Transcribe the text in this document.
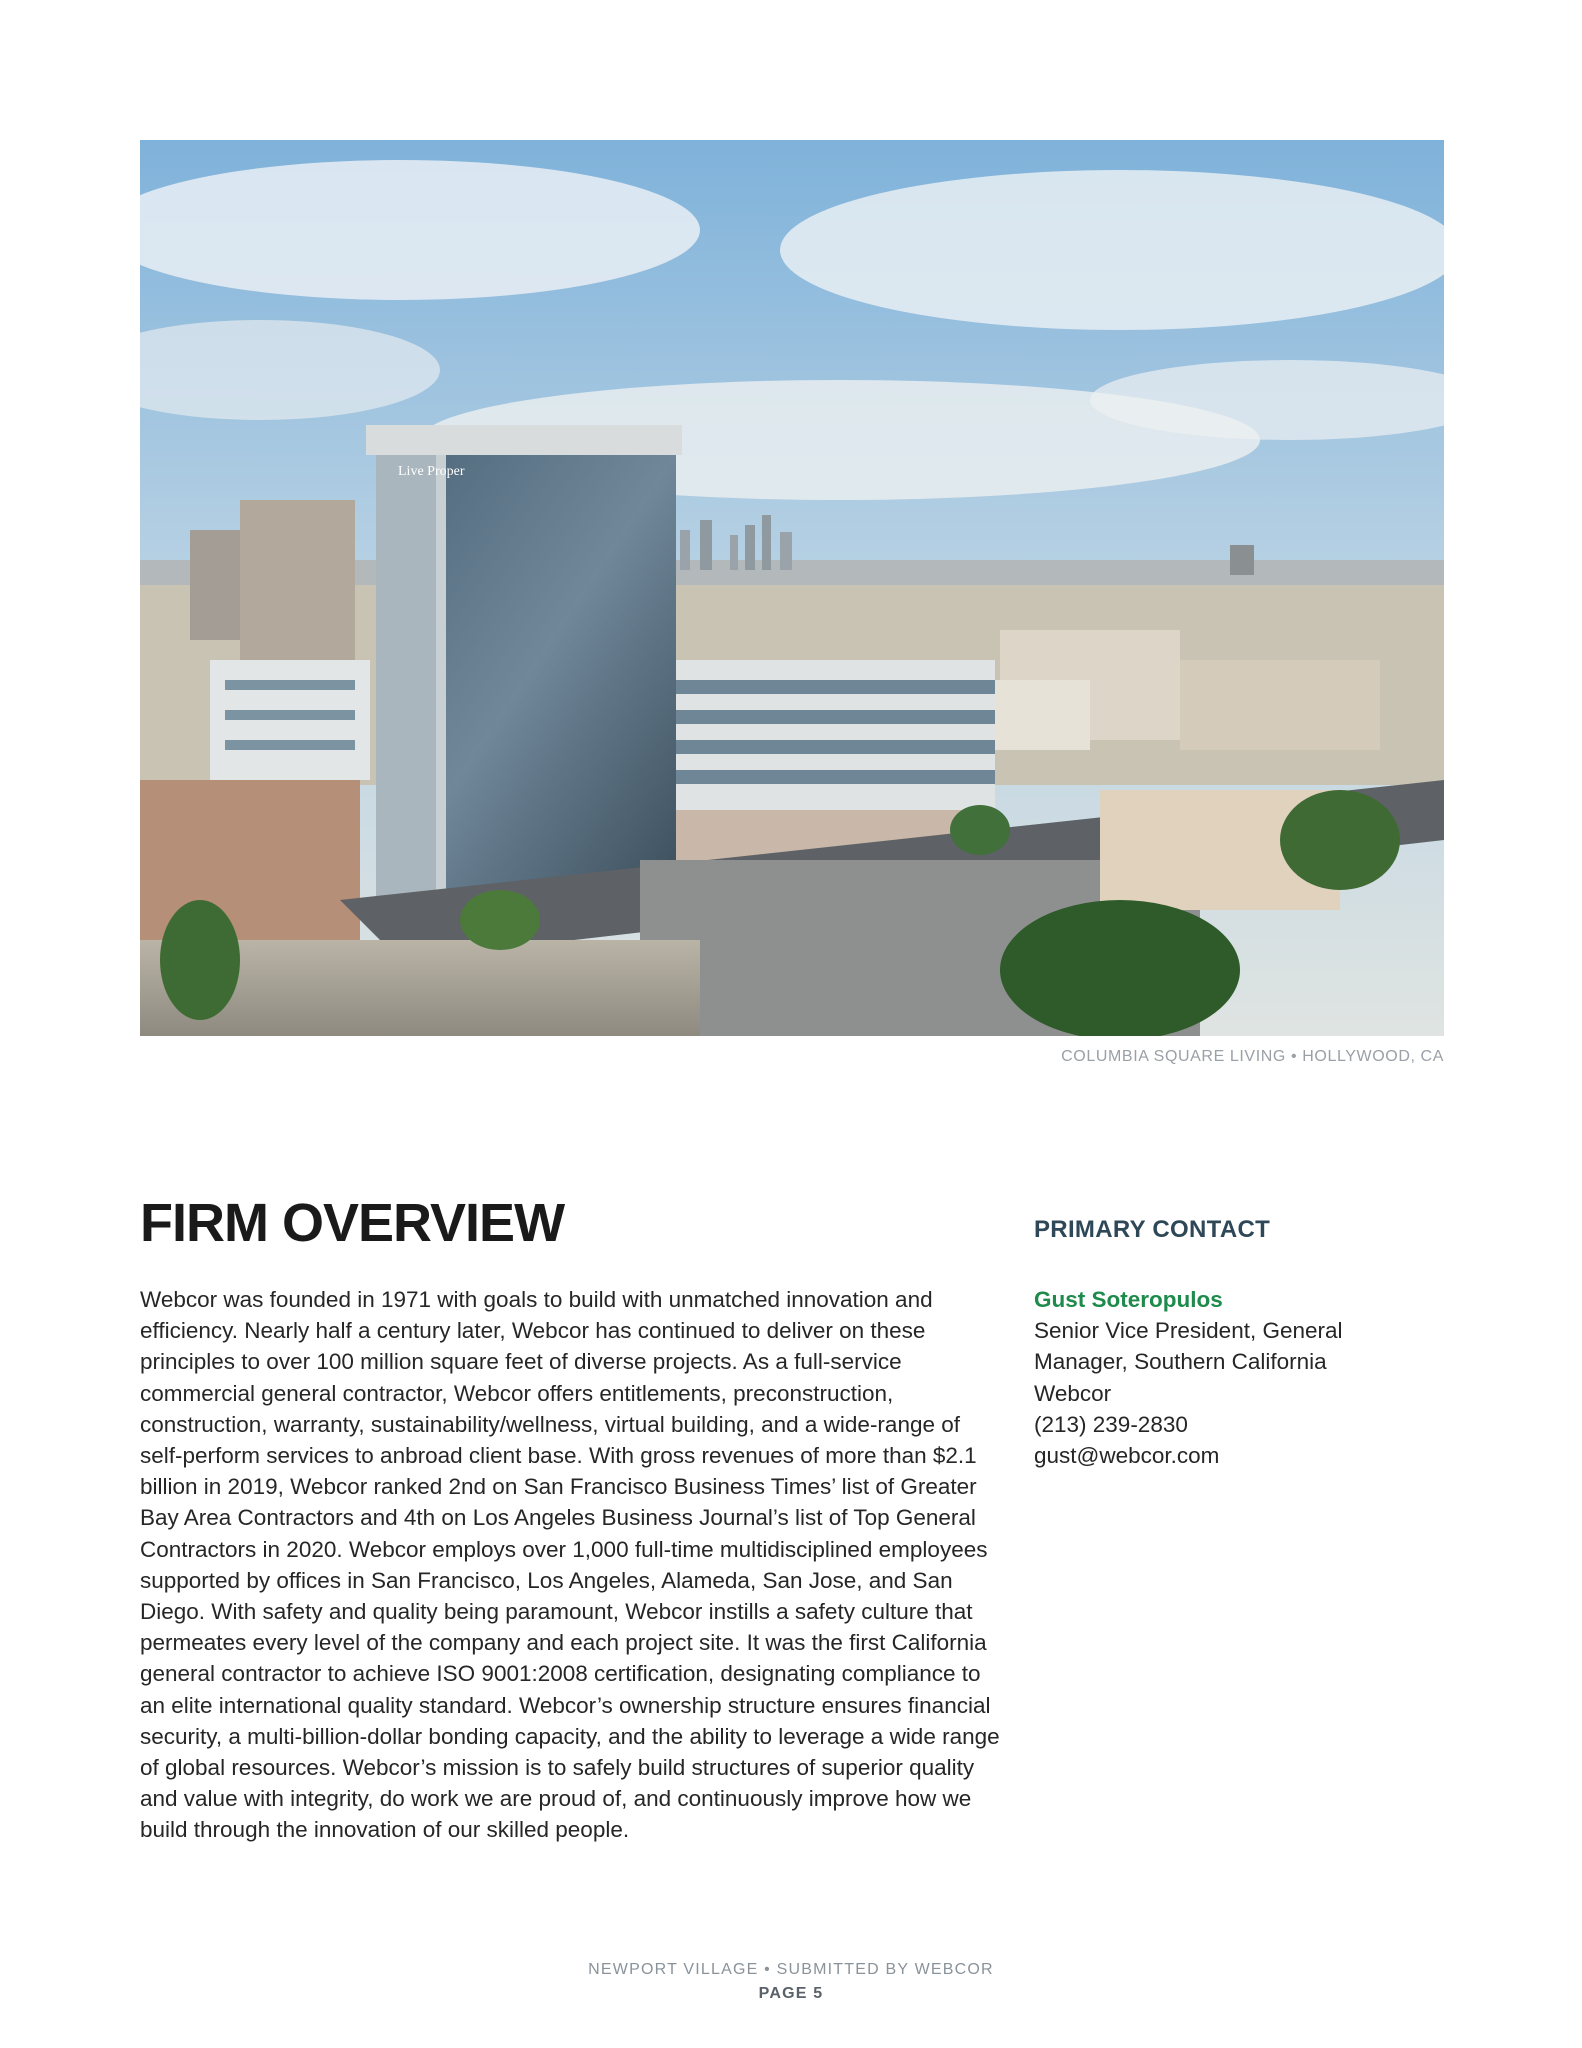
Live Proper
COLUMBIA SQUARE LIVING • HOLLYWOOD, CA
FIRM OVERVIEW

Webcor was founded in 1971 with goals to build with unmatched innovation and efficiency. Nearly half a century later, Webcor has continued to deliver on these principles to over 100 million square feet of diverse projects. As a full-service commercial general contractor, Webcor offers entitlements, preconstruction, construction, warranty, sustainability/wellness, virtual building, and a wide-range of self-perform services to anbroad client base. With gross revenues of more than $2.1 billion in 2019, Webcor ranked 2nd on San Francisco Business Times’ list of Greater Bay Area Contractors and 4th on Los Angeles Business Journal’s list of Top General Contractors in 2020. Webcor employs over 1,000 full-time multidisciplined employees supported by offices in San Francisco, Los Angeles, Alameda, San Jose, and San Diego. With safety and quality being paramount, Webcor instills a safety culture that permeates every level of the company and each project site. It was the first California general contractor to achieve ISO 9001:2008 certification, designating compliance to an elite international quality standard. Webcor’s ownership structure ensures financial security, a multi-billion-dollar bonding capacity, and the ability to leverage a wide range of global resources. Webcor’s mission is to safely build structures of superior quality and value with integrity, do work we are proud of, and continuously improve how we build through the innovation of our skilled people.

PRIMARY CONTACT
Gust Soteropulos
Senior Vice President, General Manager, Southern California
Webcor
(213) 239-2830
gust@webcor.com
NEWPORT VILLAGE • SUBMITTED BY WEBCOR
PAGE 5
